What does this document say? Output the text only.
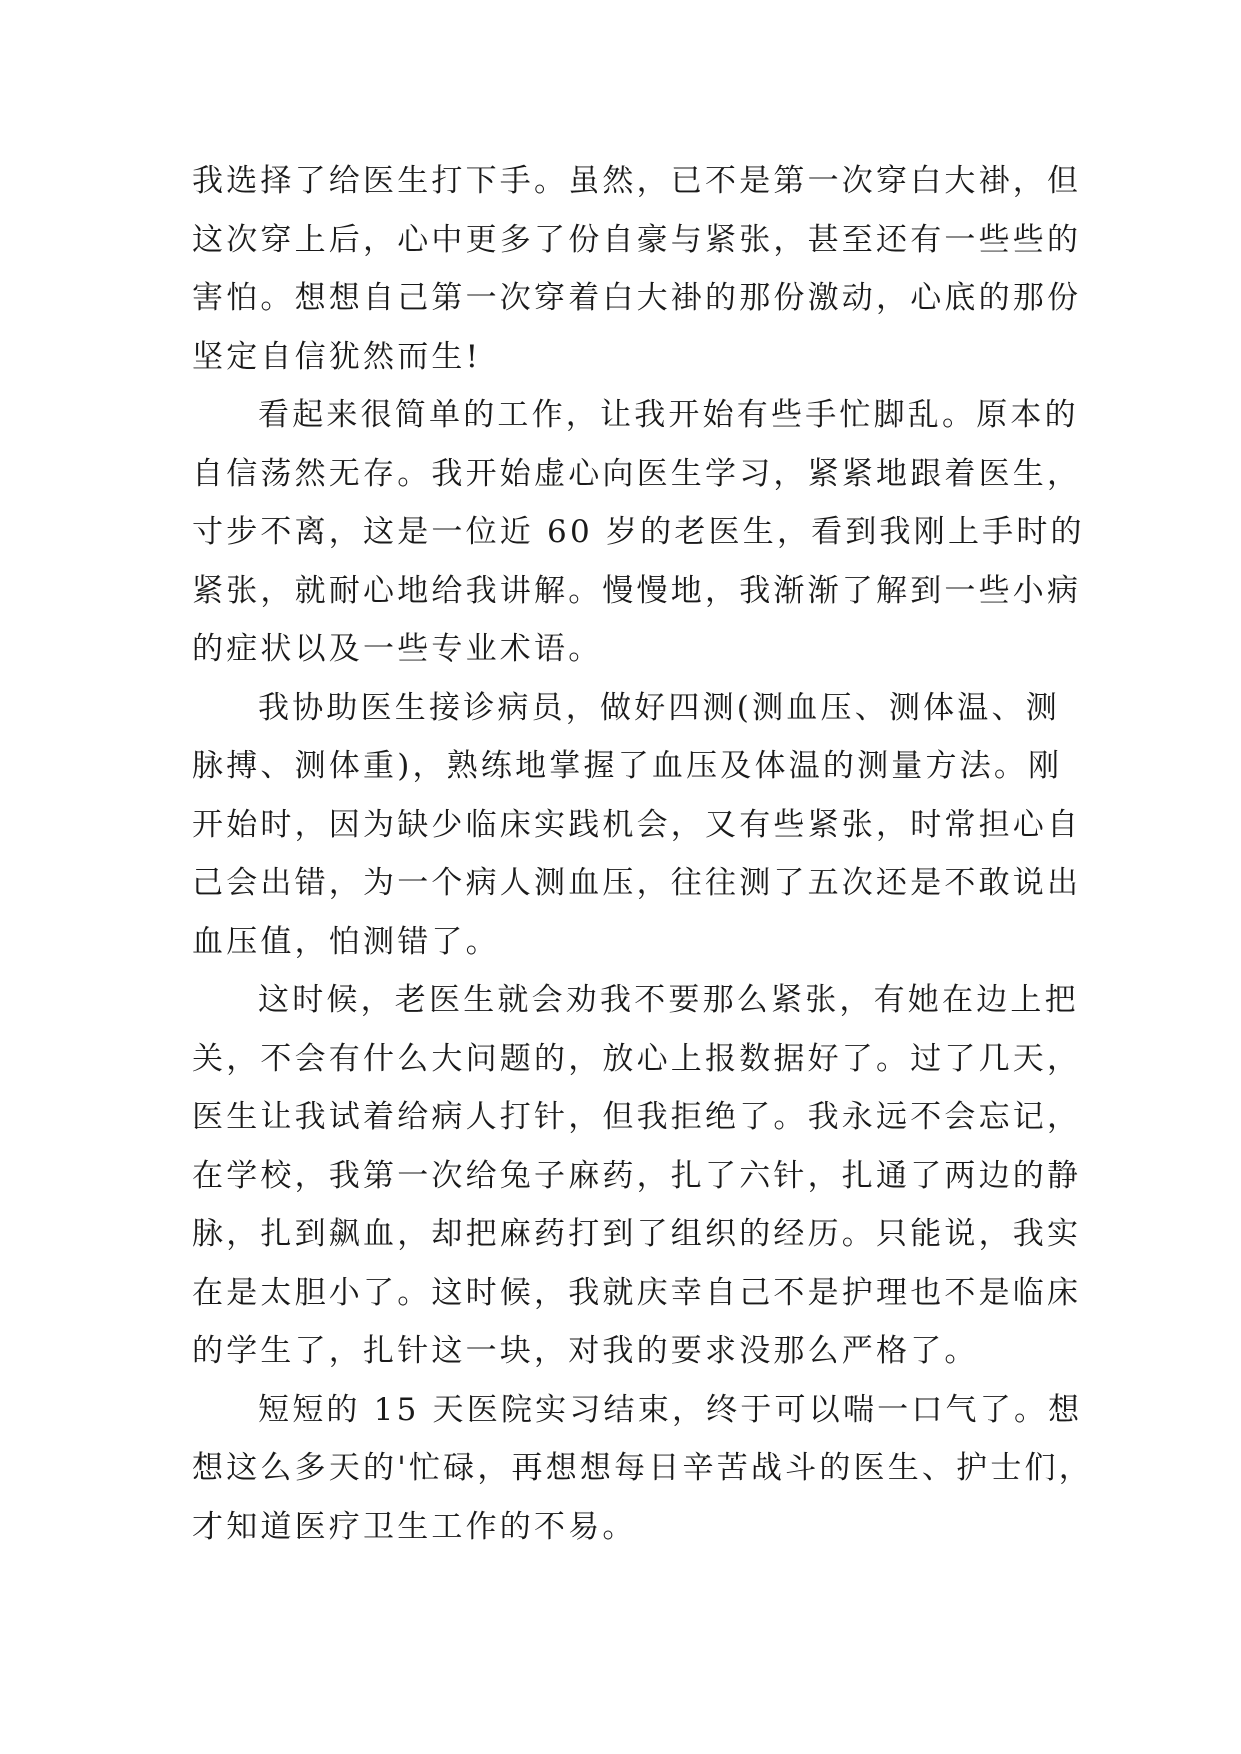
我选择了给医生打下手。虽然，已不是第一次穿白大褂，但
这次穿上后，心中更多了份自豪与紧张，甚至还有一些些的
害怕。想想自己第一次穿着白大褂的那份激动，心底的那份
坚定自信犹然而生!
看起来很简单的工作，让我开始有些手忙脚乱。原本的
自信荡然无存。我开始虚心向医生学习，紧紧地跟着医生，
寸步不离，这是一位近 60 岁的老医生，看到我刚上手时的
紧张，就耐心地给我讲解。慢慢地，我渐渐了解到一些小病
的症状以及一些专业术语。
我协助医生接诊病员，做好四测(测血压、测体温、测
脉搏、测体重)，熟练地掌握了血压及体温的测量方法。刚
开始时，因为缺少临床实践机会，又有些紧张，时常担心自
己会出错，为一个病人测血压，往往测了五次还是不敢说出
血压值，怕测错了。
这时候，老医生就会劝我不要那么紧张，有她在边上把
关，不会有什么大问题的，放心上报数据好了。过了几天，
医生让我试着给病人打针，但我拒绝了。我永远不会忘记，
在学校，我第一次给兔子麻药，扎了六针，扎通了两边的静
脉，扎到飙血，却把麻药打到了组织的经历。只能说，我实
在是太胆小了。这时候，我就庆幸自己不是护理也不是临床
的学生了，扎针这一块，对我的要求没那么严格了。
短短的 15 天医院实习结束，终于可以喘一口气了。想
想这么多天的'忙碌，再想想每日辛苦战斗的医生、护士们，
才知道医疗卫生工作的不易。
